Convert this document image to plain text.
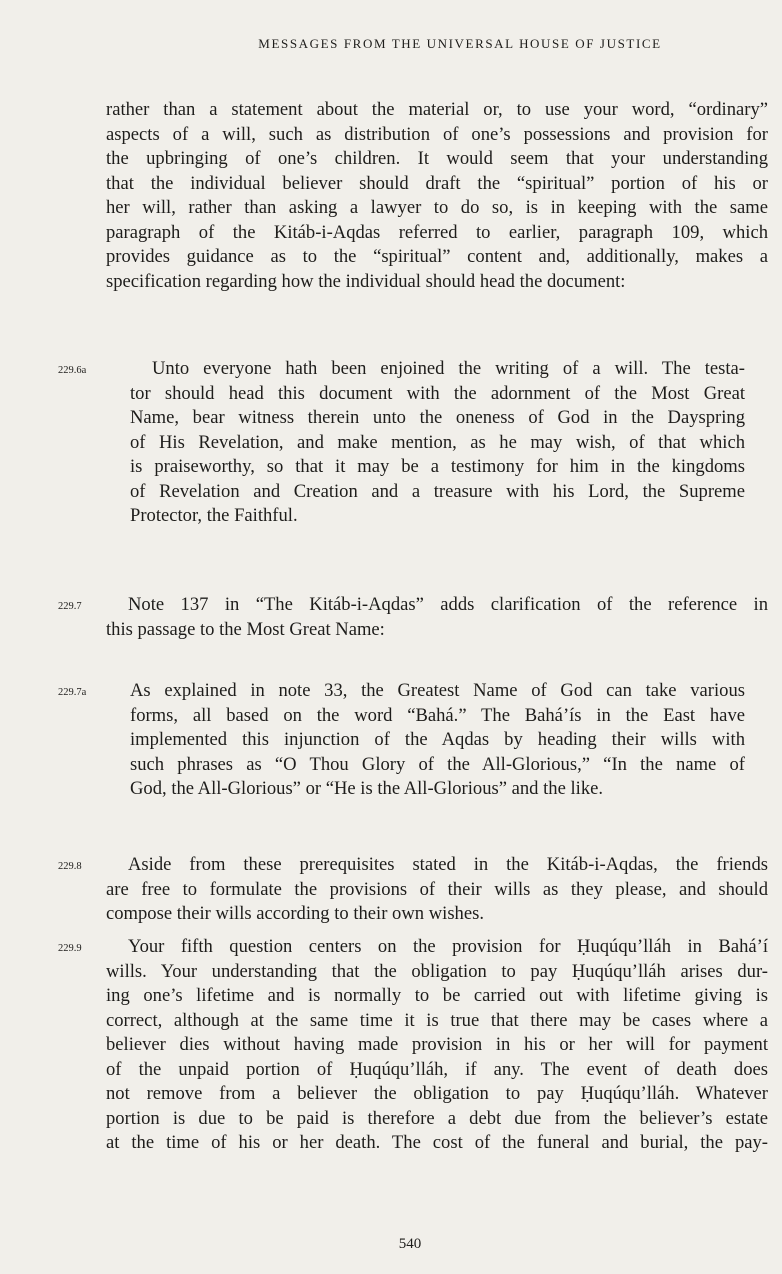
MESSAGES FROM THE UNIVERSAL HOUSE OF JUSTICE
rather than a statement about the material or, to use your word, “ordinary”
aspects of a will, such as distribution of one’s possessions and provision for
the upbringing of one’s children. It would seem that your understanding
that the individual believer should draft the “spiritual” portion of his or
her will, rather than asking a lawyer to do so, is in keeping with the same
paragraph of the Kitáb-i-Aqdas referred to earlier, paragraph 109, which
provides guidance as to the “spiritual” content and, additionally, makes a
specification regarding how the individual should head the document:
Unto everyone hath been enjoined the writing of a will. The testa-
tor should head this document with the adornment of the Most Great
Name, bear witness therein unto the oneness of God in the Dayspring
of His Revelation, and make mention, as he may wish, of that which
is praiseworthy, so that it may be a testimony for him in the kingdoms
of Revelation and Creation and a treasure with his Lord, the Supreme
Protector, the Faithful.
229.6a
Note 137 in “The Kitáb-i-Aqdas” adds clarification of the reference in
this passage to the Most Great Name:
229.7
As explained in note 33, the Greatest Name of God can take various
forms, all based on the word “Bahá.” The Bahá’ís in the East have
implemented this injunction of the Aqdas by heading their wills with
such phrases as “O Thou Glory of the All-Glorious,” “In the name of
God, the All-Glorious” or “He is the All-Glorious” and the like.
229.7a
Aside from these prerequisites stated in the Kitáb-i-Aqdas, the friends
are free to formulate the provisions of their wills as they please, and should
compose their wills according to their own wishes.
229.8
Your fifth question centers on the provision for Ḥuqúqu’lláh in Bahá’í
wills. Your understanding that the obligation to pay Ḥuqúqu’lláh arises dur-
ing one’s lifetime and is normally to be carried out with lifetime giving is
correct, although at the same time it is true that there may be cases where a
believer dies without having made provision in his or her will for payment
of the unpaid portion of Ḥuqúqu’lláh, if any. The event of death does
not remove from a believer the obligation to pay Ḥuqúqu’lláh. Whatever
portion is due to be paid is therefore a debt due from the believer’s estate
at the time of his or her death. The cost of the funeral and burial, the pay-
229.9
540
